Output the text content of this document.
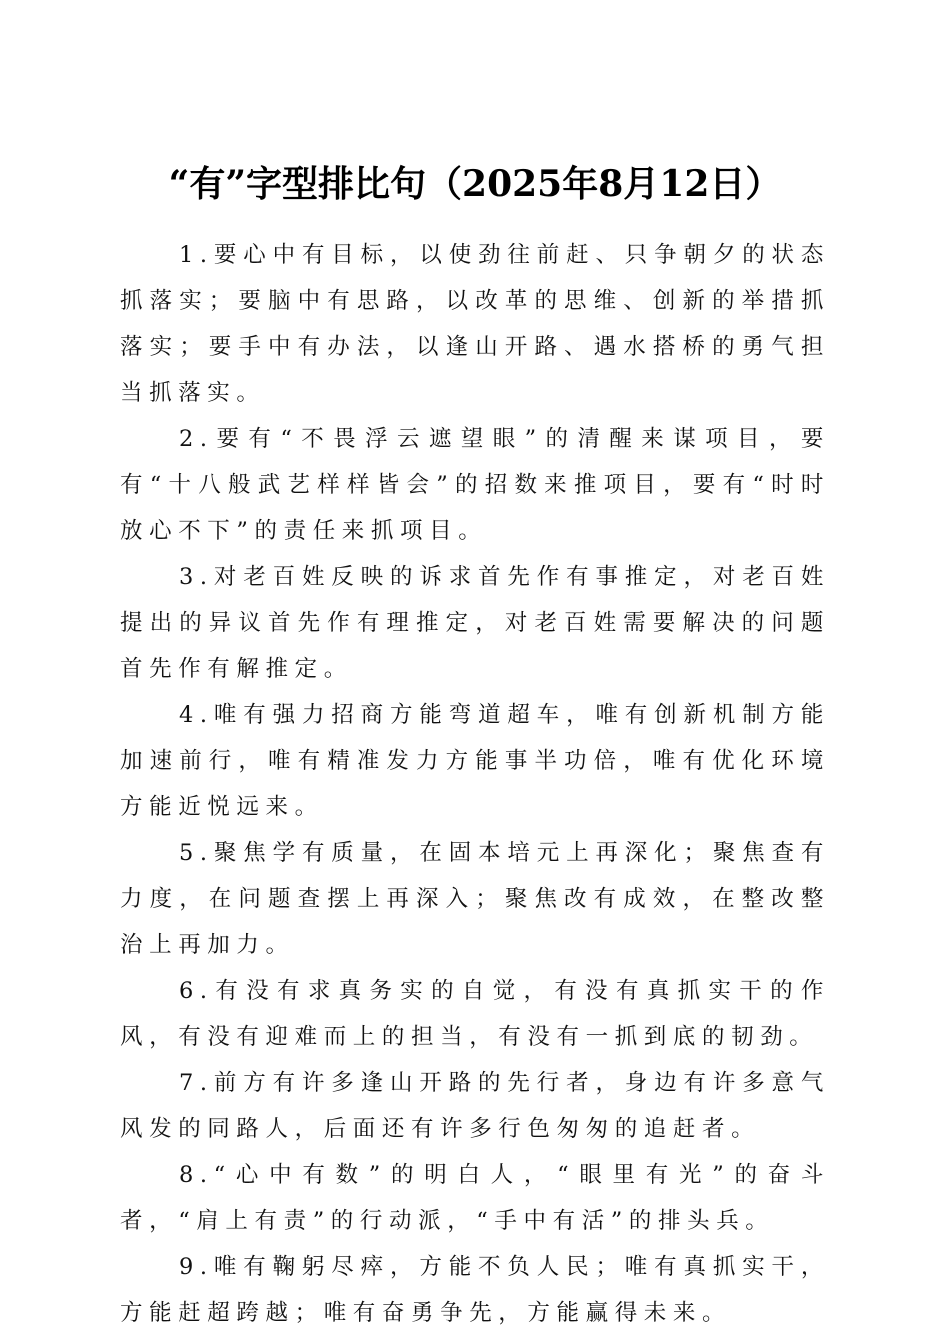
“有”字型排比句（2025年8月12日）

1.要心中有目标，以使劲往前赶、只争朝夕的状态抓落实；要脑中有思路，以改革的思维、创新的举措抓落实；要手中有办法，以逢山开路、遇水搭桥的勇气担当抓落实。

2.要有“不畏浮云遮望眼”的清醒来谋项目，要有“十八般武艺样样皆会”的招数来推项目，要有“时时放心不下”的责任来抓项目。

3.对老百姓反映的诉求首先作有事推定，对老百姓提出的异议首先作有理推定，对老百姓需要解决的问题首先作有解推定。

4.唯有强力招商方能弯道超车，唯有创新机制方能加速前行，唯有精准发力方能事半功倍，唯有优化环境方能近悦远来。

5.聚焦学有质量，在固本培元上再深化；聚焦查有力度，在问题查摆上再深入；聚焦改有成效，在整改整治上再加力。

6.有没有求真务实的自觉，有没有真抓实干的作风，有没有迎难而上的担当，有没有一抓到底的韧劲。

7.前方有许多逢山开路的先行者，身边有许多意气风发的同路人，后面还有许多行色匆匆的追赶者。

8.“心中有数”的明白人，“眼里有光”的奋斗者，“肩上有责”的行动派，“手中有活”的排头兵。

9.唯有鞠躬尽瘁，方能不负人民；唯有真抓实干，方能赶超跨越；唯有奋勇争先，方能赢得未来。
